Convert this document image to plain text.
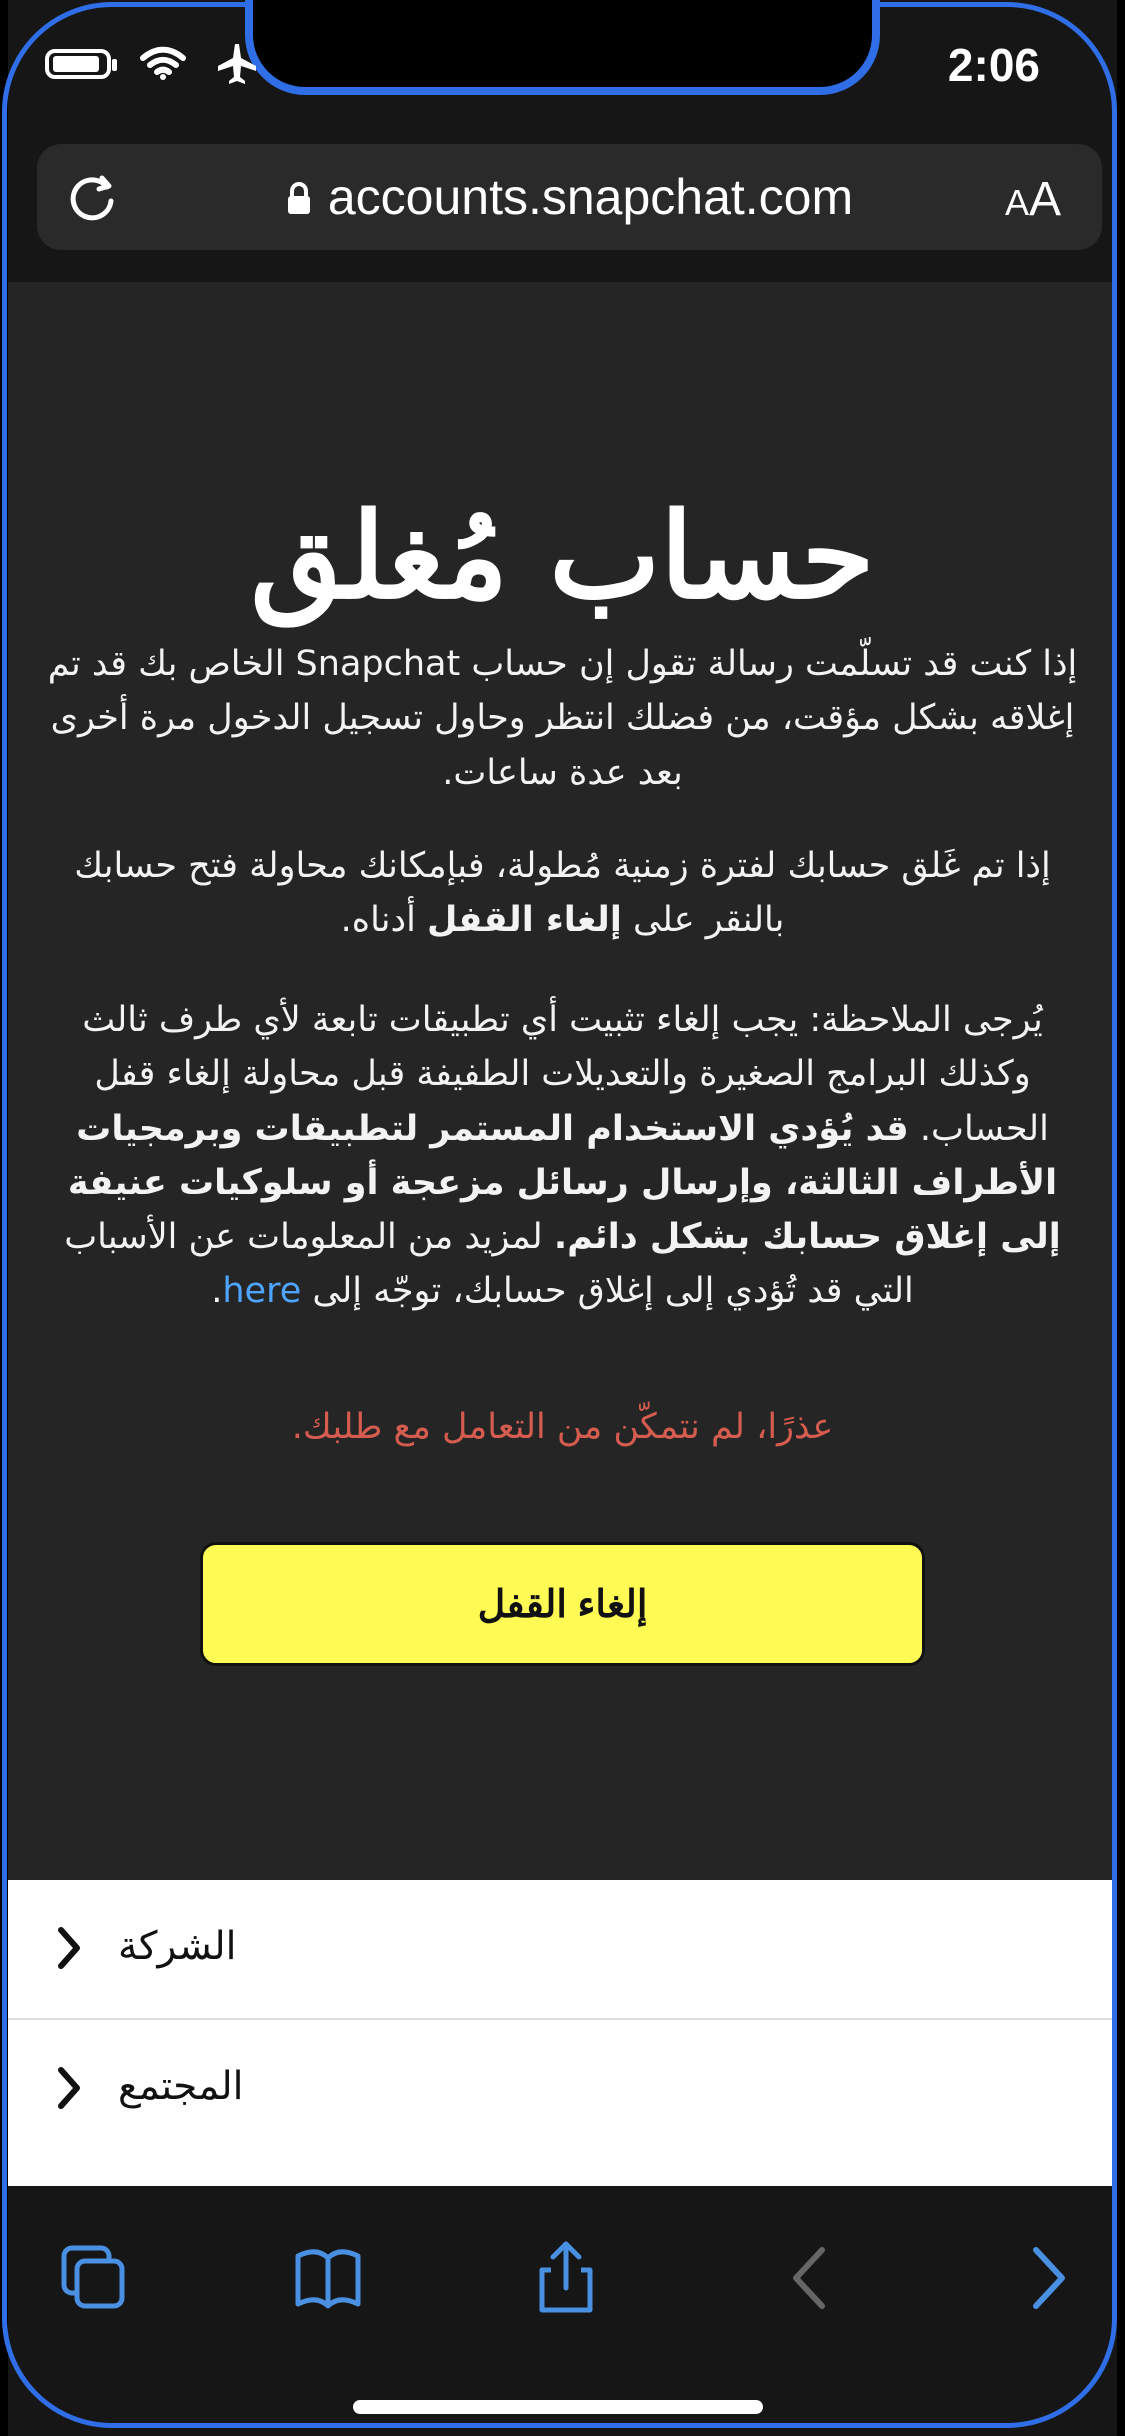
2:06
accounts.snapchat.com	A A
حساب مُغلق

إذا كنت قد تسلّمت رسالة تقول إن حساب Snapchat الخاص بك قد تم إغلاقه بشكل مؤقت، من فضلك انتظر وحاول تسجيل الدخول مرة أخرى بعد عدة ساعات.

إذا تم غَلق حسابك لفترة زمنية مُطولة، فبإمكانك محاولة فتح حسابك بالنقر على إلغاء القفل أدناه.

يُرجى الملاحظة: يجب إلغاء تثبيت أي تطبيقات تابعة لأي طرف ثالث وكذلك البرامج الصغيرة والتعديلات الطفيفة قبل محاولة إلغاء قفل الحساب. قد يُؤدي الاستخدام المستمر لتطبيقات وبرمجيات الأطراف الثالثة، وإرسال رسائل مزعجة أو سلوكيات عنيفة إلى إغلاق حسابك بشكل دائم. لمزيد من المعلومات عن الأسباب التي قد تُؤدي إلى إغلاق حسابك، توجّه إلى here.

عذرًا، لم نتمكّن من التعامل مع طلبك.
إلغاء القفل
الشركة
المجتمع
